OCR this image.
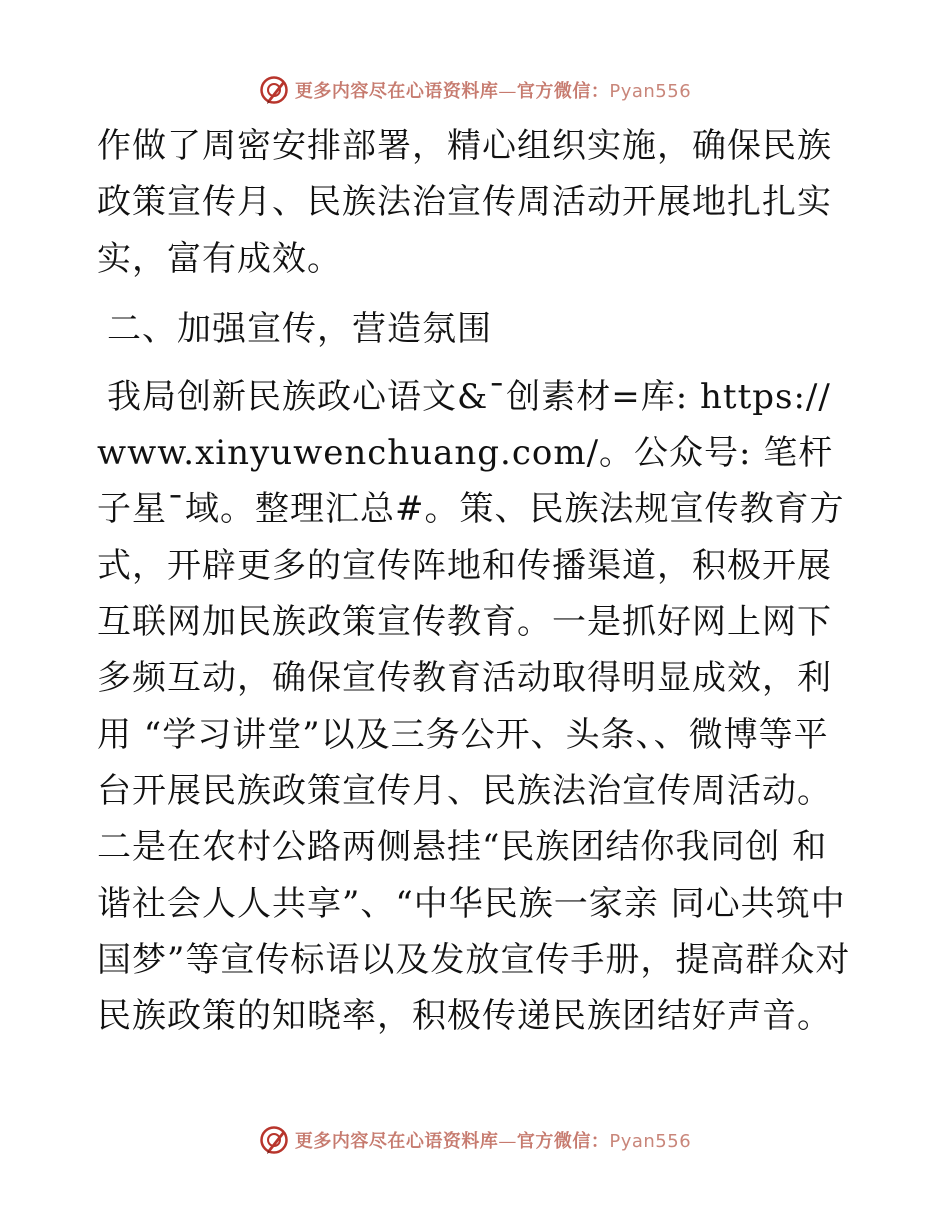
更多内容尽在心语资料库—官方微信：Pyan556

作做了周密安排部署，精心组织实施，确保民族政策宣传月、民族法治宣传周活动开展地扎扎实实，富有成效。

二、加强宣传，营造氛围

我局创新民族政心语文&¯创素材=库: https://www.xinyuwenchuang.com/。公众号: 笔杆子星¯域。整理汇总#。策、民族法规宣传教育方式，开辟更多的宣传阵地和传播渠道，积极开展互联网加民族政策宣传教育。一是抓好网上网下多频互动，确保宣传教育活动取得明显成效，利用 “学习讲堂”以及三务公开、头条、、微博等平台开展民族政策宣传月、民族法治宣传周活动。二是在农村公路两侧悬挂“民族团结你我同创 和谐社会人人共享”、“中华民族一家亲 同心共筑中国梦”等宣传标语以及发放宣传手册，提高群众对民族政策的知晓率，积极传递民族团结好声音。

更多内容尽在心语资料库—官方微信：Pyan556
